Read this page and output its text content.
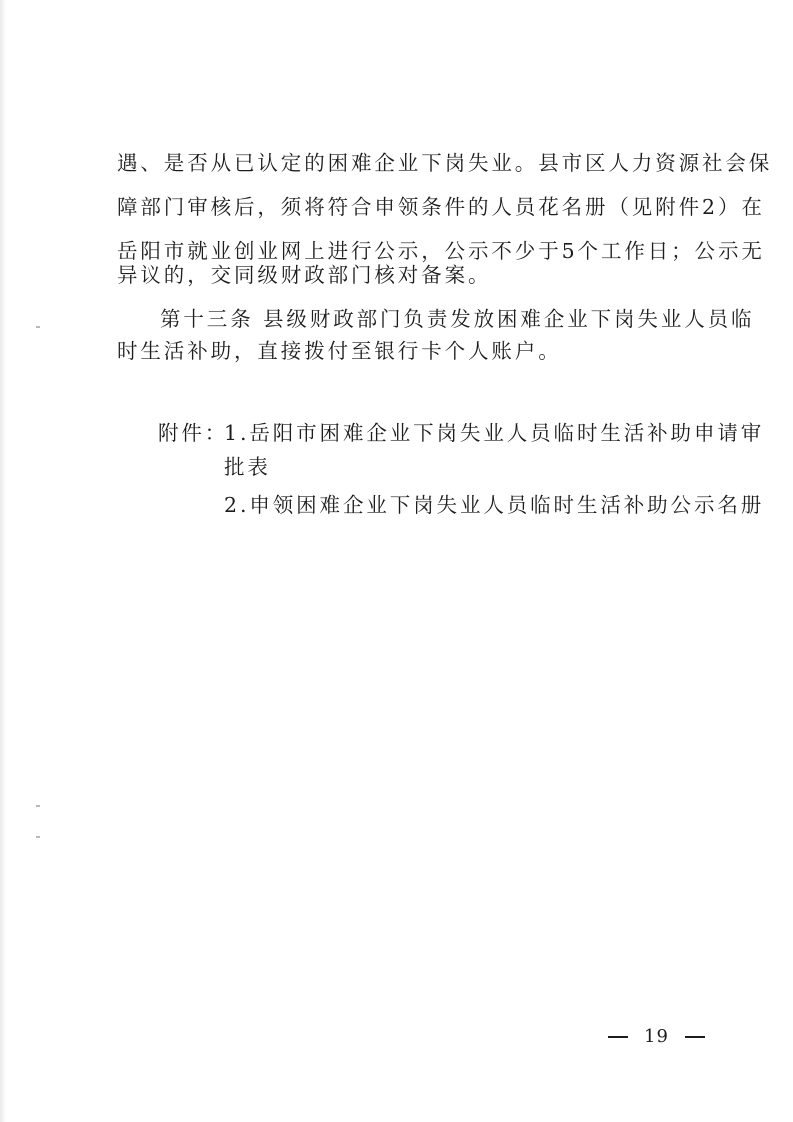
遇、是否从已认定的困难企业下岗失业。县市区人力资源社会保
障部门审核后，须将符合申领条件的人员花名册（见附件2）在
岳阳市就业创业网上进行公示，公示不少于5个工作日；公示无
异议的，交同级财政部门核对备案。
第十三条 县级财政部门负责发放困难企业下岗失业人员临
时生活补助，直接拨付至银行卡个人账户。
附件：
1.岳阳市困难企业下岗失业人员临时生活补助申请审
批表
2.申领困难企业下岗失业人员临时生活补助公示名册
19
